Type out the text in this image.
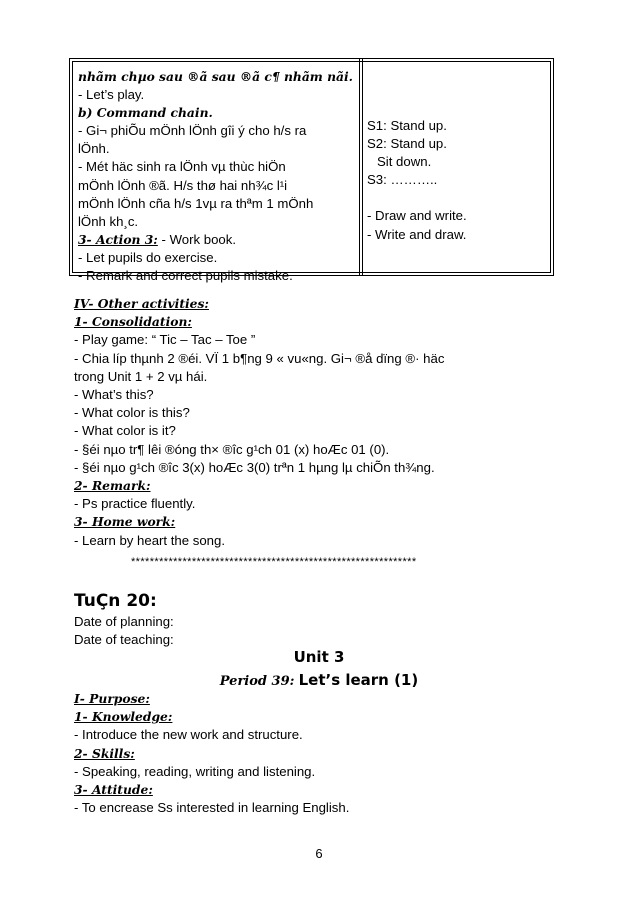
nhãm chµo sau ®ã sau ®ã c¶ nhãm nãi.
- Let’s play.
b) Command chain.
- Gi¬ phiÕu mÖnh lÖnh gîi ý cho h/s ra
lÖnh.
- Mét häc sinh ra lÖnh vµ thùc hiÖn
mÖnh lÖnh ®ã. H/s thø hai nh¾c l¹i
mÖnh lÖnh cña h/s 1vµ ra thªm 1 mÖnh
lÖnh kh¸c.
3- Action 3: - Work book.
- Let pupils do exercise.
- Remark and correct pupils mistake.
S1: Stand up.
S2: Stand up.
Sit down.
S3: ………..

- Draw and write.
- Write and draw.
IV- Other activities:
1- Consolidation:
- Play game: “ Tic – Tac – Toe ”
- Chia líp thµnh 2 ®éi. VÏ 1 b¶ng 9 « vu«ng. Gi¬ ®å dïng ®· häc
trong Unit 1 + 2 vµ hái.
- What’s this?
- What color is this?
- What color is it?
- §éi nµo tr¶ lêi ®óng th× ®îc g¹ch 01 (x) hoÆc 01 (0).
- §éi nµo g¹ch ®îc 3(x) hoÆc 3(0) trªn 1 hµng lµ chiÕn th¾ng.
2- Remark:
- Ps practice fluently.
3- Home work:
- Learn by heart the song.
*************************************************************
TuÇn 20:
Date of planning:
Date of teaching:
Unit 3
Period 39: Let’s learn (1)
I- Purpose:
1- Knowledge:
- Introduce the new work and structure.
2- Skills:
- Speaking, reading, writing and listening.
3- Attitude:
- To encrease Ss interested in learning English.
6
